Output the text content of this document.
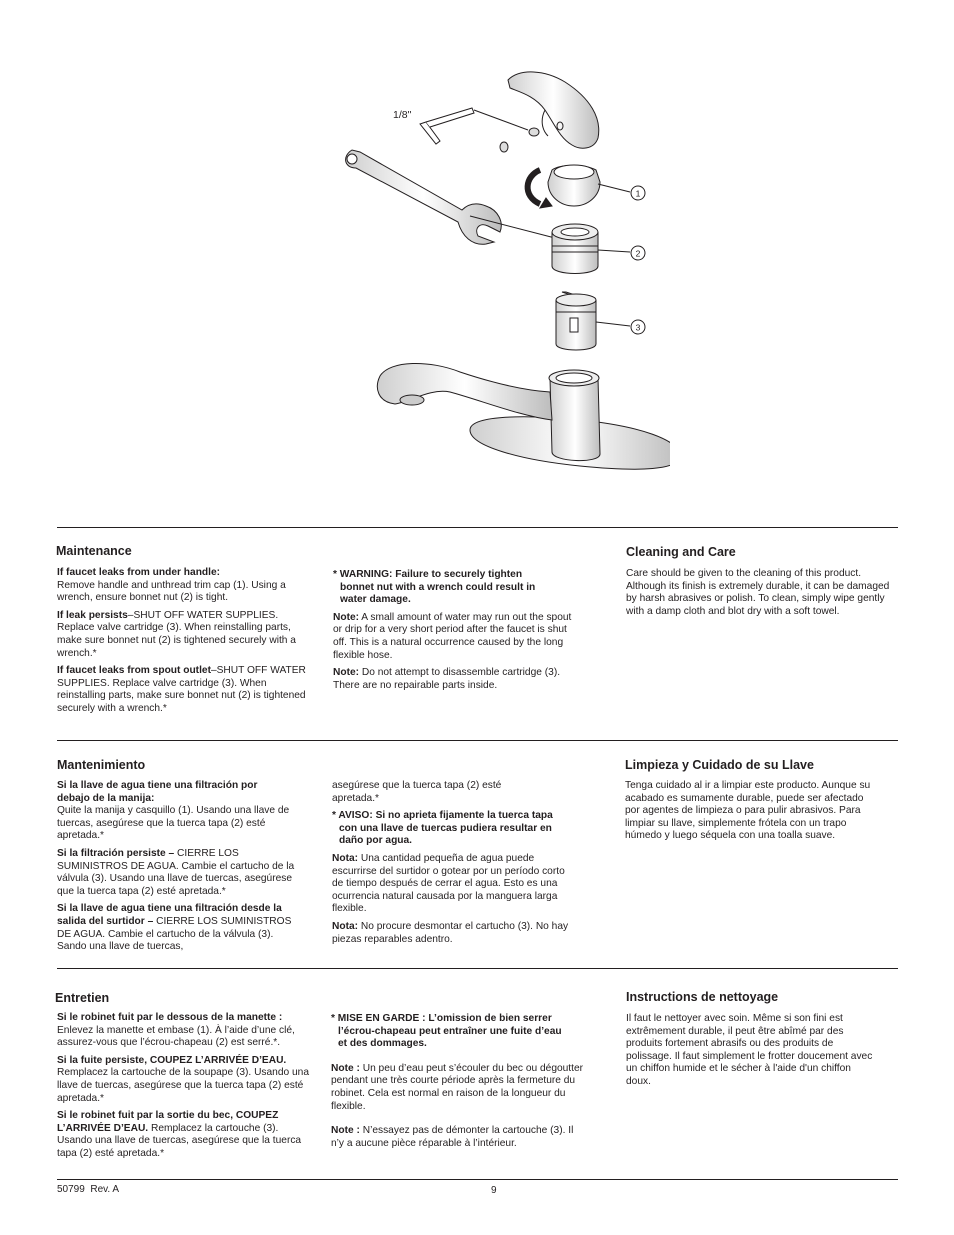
1/8"
1
2
3
Maintenance

If faucet leaks from under handle:
Remove handle and unthread trim cap (1). Using a wrench, ensure bonnet nut (2) is tight.

If leak persists–SHUT OFF WATER SUPPLIES. Replace valve cartridge (3). When reinstalling parts, make sure bonnet nut (2) is tightened securely with a wrench.*

If faucet leaks from spout outlet–SHUT OFF WATER SUPPLIES. Replace valve cartridge (3). When reinstalling parts, make sure bonnet nut (2) is tightened securely with a wrench.*

* WARNING: Failure to securely tighten bonnet nut with a wrench could result in water damage.

Note: A small amount of water may run out the spout or drip for a very short period after the faucet is shut off. This is a natural occurrence caused by the long flexible hose.

Note: Do not attempt to disassemble cartridge (3). There are no repairable parts inside.

Cleaning and Care
Care should be given to the cleaning of this product. Although its finish is extremely durable, it can be damaged by harsh abrasives or polish. To clean, simply wipe gently with a damp cloth and blot dry with a soft towel.
Mantenimiento

Si la llave de agua tiene una filtración por debajo de la manija:
Quite la manija y casquillo (1). Usando una llave de tuercas, asegúrese que la tuerca tapa (2) esté apretada.*

Si la filtración persiste – CIERRE LOS SUMINISTROS DE AGUA. Cambie el cartucho de la válvula (3). Usando una llave de tuercas, asegúrese que la tuerca tapa (2) esté apretada.*

Si la llave de agua tiene una filtración desde la salida del surtidor – CIERRE LOS SUMINISTROS DE AGUA. Cambie el cartucho de la válvula (3). Sando una llave de tuercas,

asegúrese que la tuerca tapa (2) esté apretada.*

* AVISO: Si no aprieta fijamente la tuerca tapa con una llave de tuercas pudiera resultar en daño por agua.

Nota: Una cantidad pequeña de agua puede escurrirse del surtidor o gotear por un período corto de tiempo después de cerrar el agua. Esto es una ocurrencia natural causada por la manguera larga flexible.

Nota: No procure desmontar el cartucho (3). No hay piezas reparables adentro.

Limpieza y Cuidado de su Llave
Tenga cuidado al ir a limpiar este producto. Aunque su acabado es sumamente durable, puede ser afectado por agentes de limpieza o para pulir abrasivos. Para limpiar su llave, simplemente frótela con un trapo húmedo y luego séquela con una toalla suave.
Entretien

Si le robinet fuit par le dessous de la manette :
Enlevez la manette et embase (1). À l’aide d’une clé, assurez-vous que l’écrou-chapeau (2) est serré.*.

Si la fuite persiste, COUPEZ L’ARRIVÉE D’EAU. Remplacez la cartouche de la soupape (3). Usando una llave de tuercas, asegúrese que la tuerca tapa (2) esté apretada.*

Si le robinet fuit par la sortie du bec, COUPEZ L’ARRIVÉE D’EAU. Remplacez la cartouche (3). Usando una llave de tuercas, asegúrese que la tuerca tapa (2) esté apretada.*

* MISE EN GARDE : L’omission de bien serrer l’écrou-chapeau peut entraîner une fuite d’eau et des dommages.

Note : Un peu d’eau peut s’écouler du bec ou dégoutter pendant une très courte période après la fermeture du robinet. Cela est normal en raison de la longueur du flexible.

Note : N’essayez pas de démonter la cartouche (3). Il n’y a aucune pièce réparable à l’intérieur.

Instructions de nettoyage
Il faut le nettoyer avec soin. Même si son fini est extrêmement durable, il peut être abîmé par des produits fortement abrasifs ou des produits de polissage. Il faut simplement le frotter doucement avec un chiffon humide et le sécher à l'aide d'un chiffon doux.
50799  Rev. A	9
